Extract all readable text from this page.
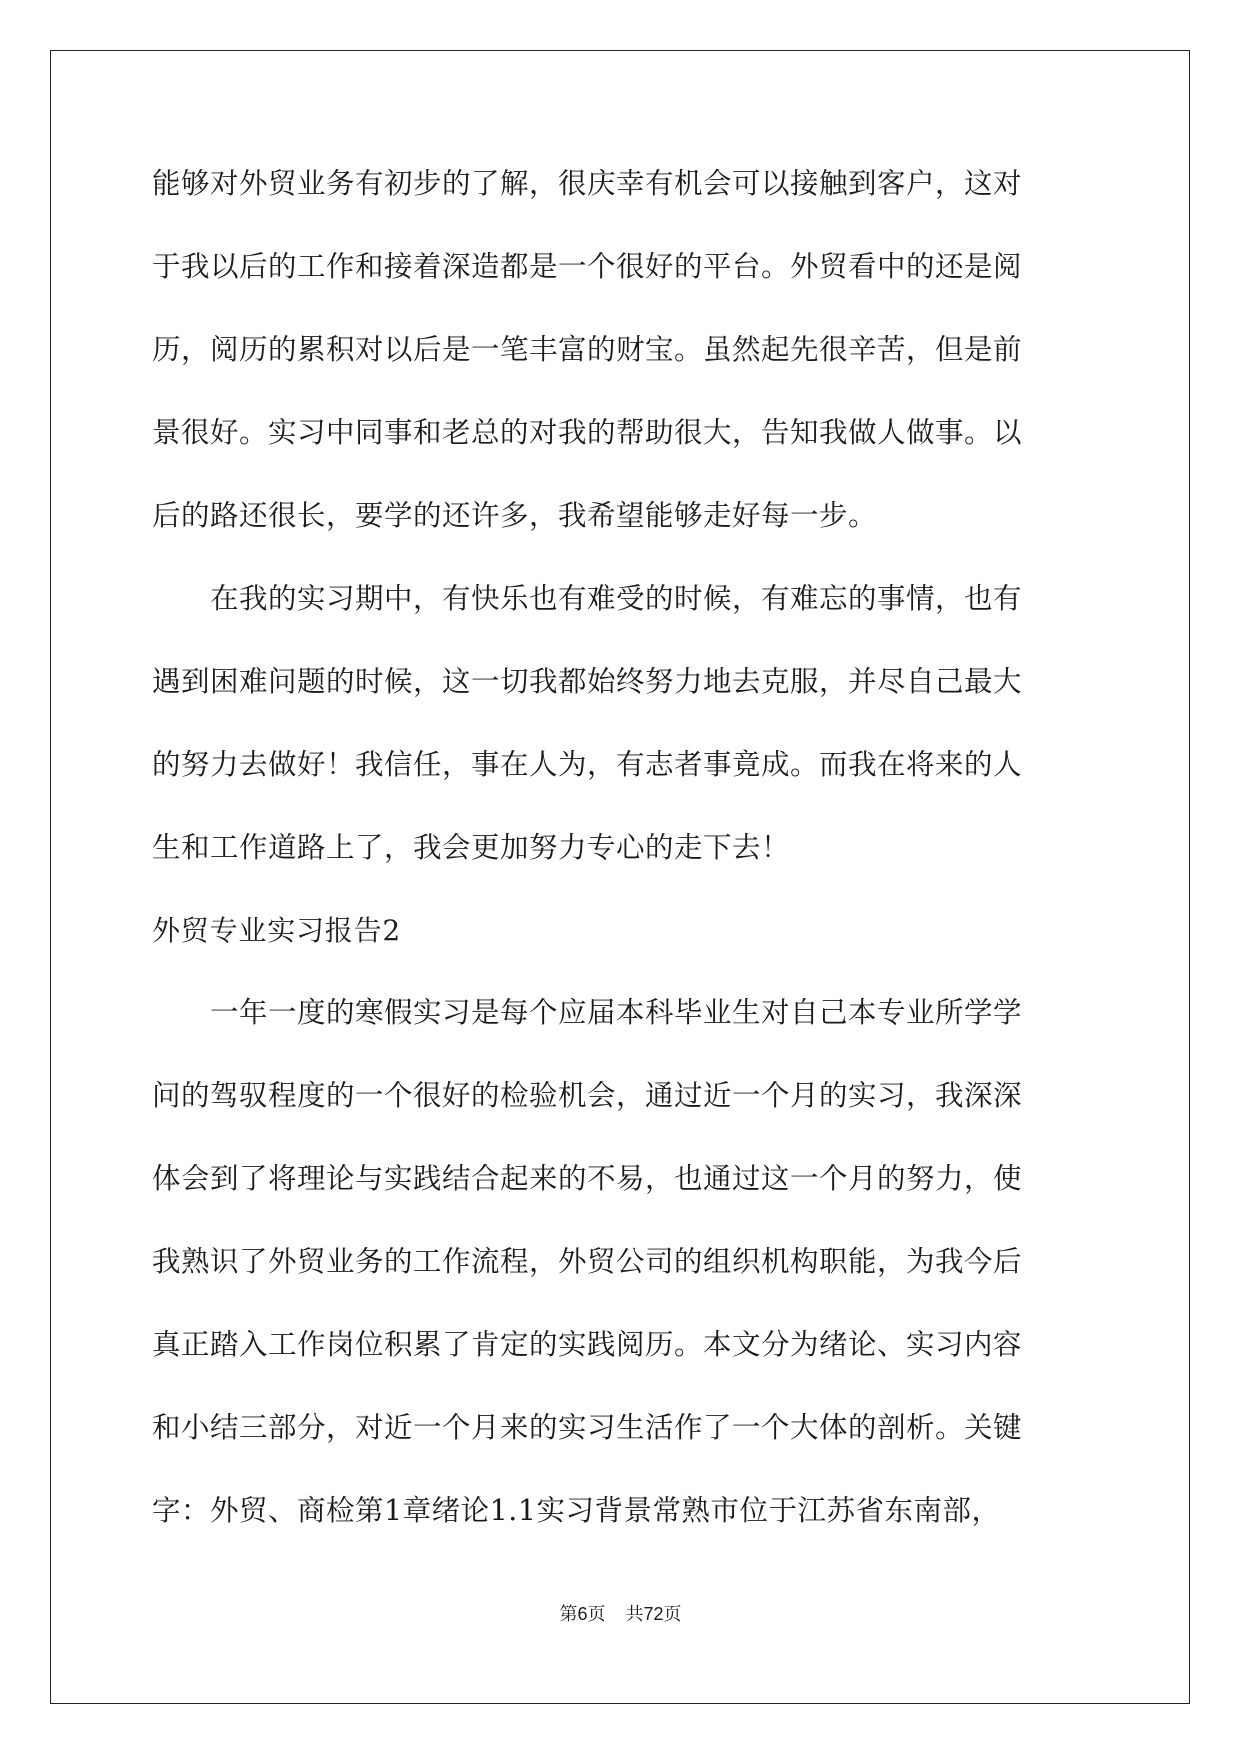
能够对外贸业务有初步的了解，很庆幸有机会可以接触到客户，这对
于我以后的工作和接着深造都是一个很好的平台。外贸看中的还是阅
历，阅历的累积对以后是一笔丰富的财宝。虽然起先很辛苦，但是前
景很好。实习中同事和老总的对我的帮助很大，告知我做人做事。以
后的路还很长，要学的还许多，我希望能够走好每一步。
　　在我的实习期中，有快乐也有难受的时候，有难忘的事情，也有
遇到困难问题的时候，这一切我都始终努力地去克服，并尽自己最大
的努力去做好！我信任，事在人为，有志者事竟成。而我在将来的人
生和工作道路上了，我会更加努力专心的走下去！
外贸专业实习报告2
　　一年一度的寒假实习是每个应届本科毕业生对自己本专业所学学
问的驾驭程度的一个很好的检验机会，通过近一个月的实习，我深深
体会到了将理论与实践结合起来的不易，也通过这一个月的努力，使
我熟识了外贸业务的工作流程，外贸公司的组织机构职能，为我今后
真正踏入工作岗位积累了肯定的实践阅历。本文分为绪论、实习内容
和小结三部分，对近一个月来的实习生活作了一个大体的剖析。关键
字：外贸、商检第1章绪论1.1实习背景常熟市位于江苏省东南部，
第6页 共72页
